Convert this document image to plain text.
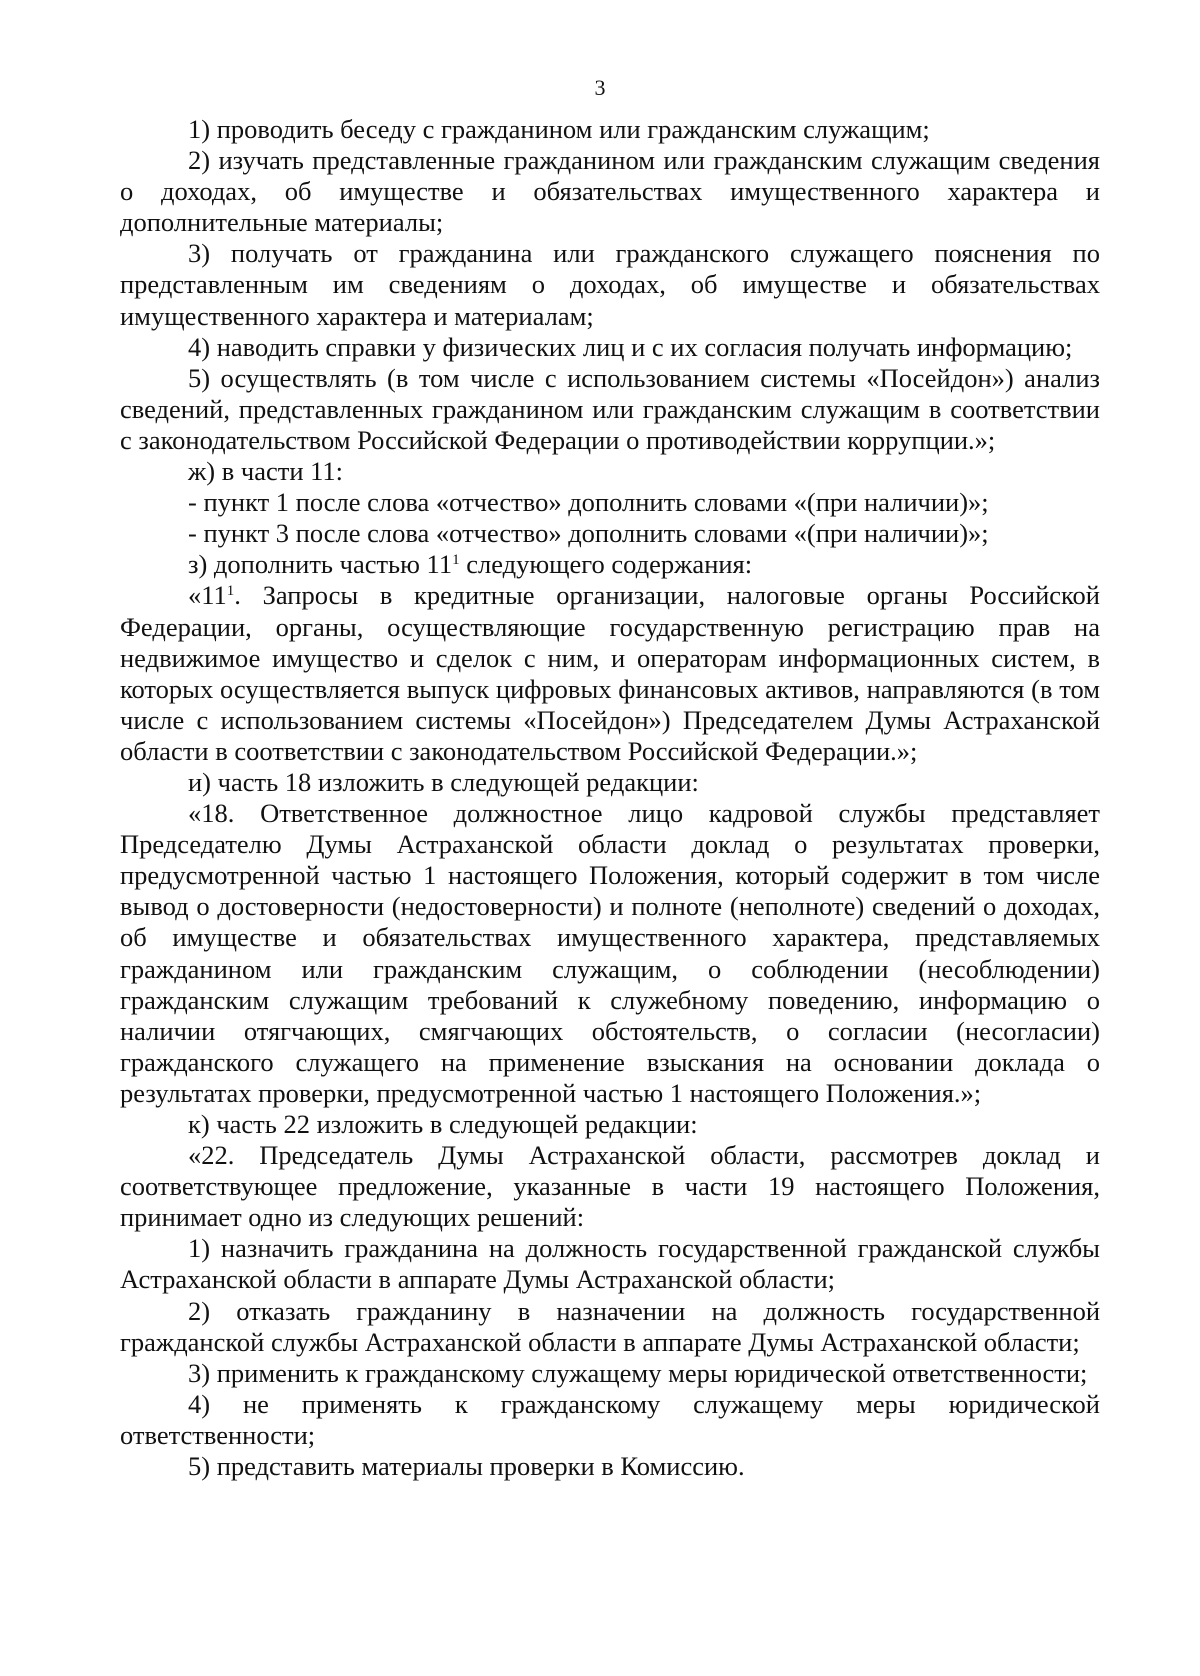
3

1) проводить беседу с гражданином или гражданским служащим;

2) изучать представленные гражданином или гражданским служащим сведения о доходах, об имуществе и обязательствах имущественного характера и дополнительные материалы;

3) получать от гражданина или гражданского служащего пояснения по представленным им сведениям о доходах, об имуществе и обязательствах имущественного характера и материалам;

4) наводить справки у физических лиц и с их согласия получать информацию;

5) осуществлять (в том числе с использованием системы «Посейдон») анализ сведений, представленных гражданином или гражданским служащим в соответствии с законодательством Российской Федерации о противодействии коррупции.»;

ж) в части 11:

- пункт 1 после слова «отчество» дополнить словами «(при наличии)»;

- пункт 3 после слова «отчество» дополнить словами «(при наличии)»;

з) дополнить частью $11^1$ следующего содержания:

«$11^1$. Запросы в кредитные организации, налоговые органы Российской Федерации, органы, осуществляющие государственную регистрацию прав на недвижимое имущество и сделок с ним, и операторам информационных систем, в которых осуществляется выпуск цифровых финансовых активов, направляются (в том числе с использованием системы «Посейдон») Председателем Думы Астраханской области в соответствии с законодательством Российской Федерации.»;

и) часть 18 изложить в следующей редакции:

«18. Ответственное должностное лицо кадровой службы представляет Председателю Думы Астраханской области доклад о результатах проверки, предусмотренной частью 1 настоящего Положения, который содержит в том числе вывод о достоверности (недостоверности) и полноте (неполноте) сведений о доходах, об имуществе и обязательствах имущественного характера, представляемых гражданином или гражданским служащим, о соблюдении (несоблюдении) гражданским служащим требований к служебному поведению, информацию о наличии отягчающих, смягчающих обстоятельств, о согласии (несогласии) гражданского служащего на применение взыскания на основании доклада о результатах проверки, предусмотренной частью 1 настоящего Положения.»;

к) часть 22 изложить в следующей редакции:

«22. Председатель Думы Астраханской области, рассмотрев доклад и соответствующее предложение, указанные в части 19 настоящего Положения, принимает одно из следующих решений:

1) назначить гражданина на должность государственной гражданской службы Астраханской области в аппарате Думы Астраханской области;

2) отказать гражданину в назначении на должность государственной гражданской службы Астраханской области в аппарате Думы Астраханской области;

3) применить к гражданскому служащему меры юридической ответственности;

4) не применять к гражданскому служащему меры юридической ответственности;

5) представить материалы проверки в Комиссию.
